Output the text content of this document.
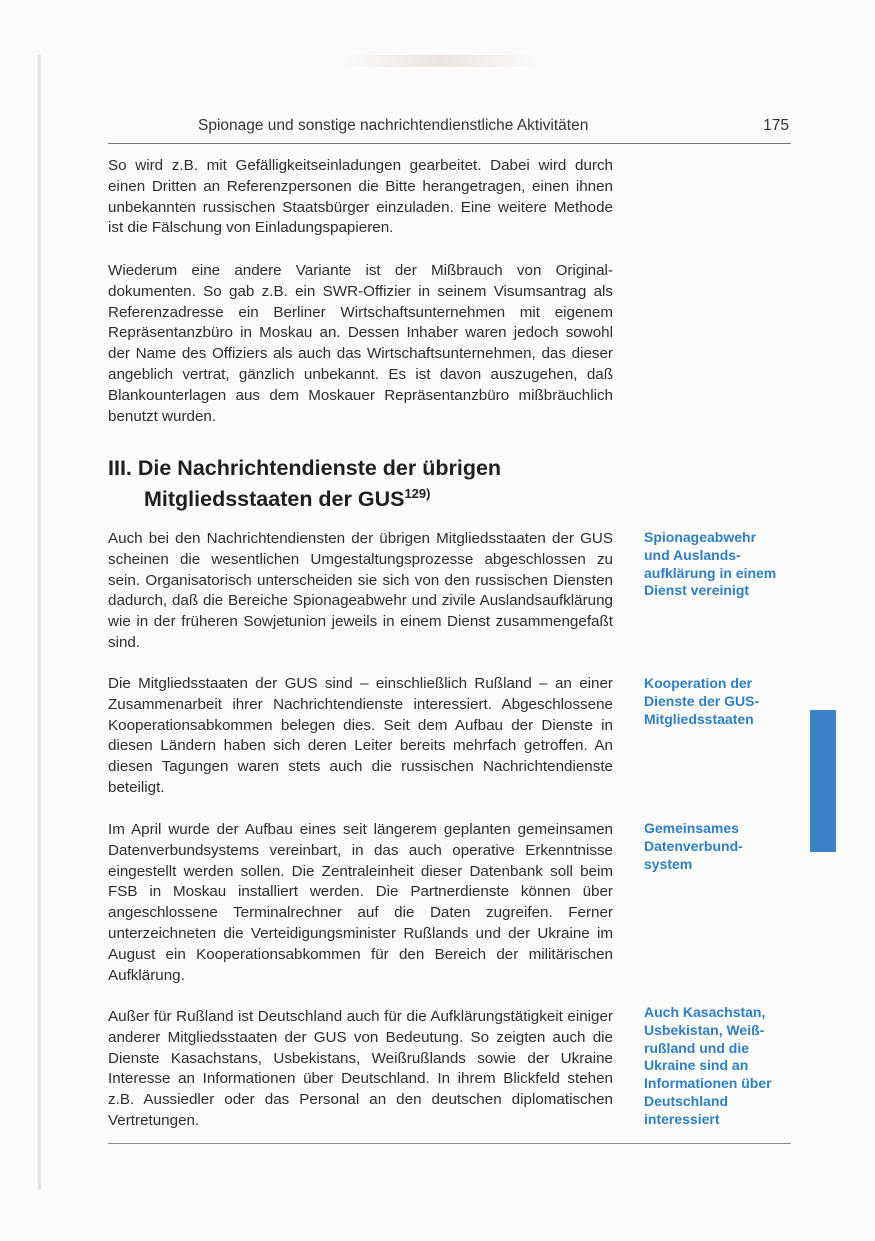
Spionage und sonstige nachrichtendienstliche Aktivitäten	175

So wird z.B. mit Gefälligkeitseinladungen gearbeitet. Dabei wird durch einen Dritten an Referenzpersonen die Bitte herangetragen, einen ihnen unbekannten russischen Staatsbürger einzuladen. Eine weitere Methode ist die Fälschung von Einladungspapieren.

Wiederum eine andere Variante ist der Mißbrauch von Originaldokumenten. So gab z.B. ein SWR-Offizier in seinem Visumsantrag als Referenzadresse ein Berliner Wirtschaftsunternehmen mit eigenem Repräsentanzbüro in Moskau an. Dessen Inhaber waren jedoch sowohl der Name des Offiziers als auch das Wirtschaftsunternehmen, das dieser angeblich vertrat, gänzlich unbekannt. Es ist davon auszugehen, daß Blankounterlagen aus dem Moskauer Repräsentanzbüro mißbräuchlich benutzt wurden.

III. Die Nachrichtendienste der übrigen
Mitgliedsstaaten der GUS$^{129)}$

Auch bei den Nachrichtendiensten der übrigen Mitgliedsstaaten der GUS scheinen die wesentlichen Umgestaltungsprozesse abgeschlossen zu sein. Organisatorisch unterscheiden sie sich von den russischen Diensten dadurch, daß die Bereiche Spionageabwehr und zivile Auslandsaufklärung wie in der früheren Sowjetunion jeweils in einem Dienst zusammengefaßt sind.

Die Mitgliedsstaaten der GUS sind – einschließlich Rußland – an einer Zusammenarbeit ihrer Nachrichtendienste interessiert. Abgeschlossene Kooperationsabkommen belegen dies. Seit dem Aufbau der Dienste in diesen Ländern haben sich deren Leiter bereits mehrfach getroffen. An diesen Tagungen waren stets auch die russischen Nachrichtendienste beteiligt.

Im April wurde der Aufbau eines seit längerem geplanten gemeinsamen Datenverbundsystems vereinbart, in das auch operative Erkenntnisse eingestellt werden sollen. Die Zentraleinheit dieser Datenbank soll beim FSB in Moskau installiert werden. Die Partnerdienste können über angeschlossene Terminalrechner auf die Daten zugreifen. Ferner unterzeichneten die Verteidigungsminister Rußlands und der Ukraine im August ein Kooperationsabkommen für den Bereich der militärischen Aufklärung.

Außer für Rußland ist Deutschland auch für die Aufklärungstätigkeit einiger anderer Mitgliedsstaaten der GUS von Bedeutung. So zeigten auch die Dienste Kasachstans, Usbekistans, Weißrußlands sowie der Ukraine Interesse an Informationen über Deutschland. In ihrem Blickfeld stehen z.B. Aussiedler oder das Personal an den deutschen diplomatischen Vertretungen.

Spionageabwehr und Auslandsaufklärung in einem Dienst vereinigt

Kooperation der Dienste der GUS-Mitgliedsstaaten

Gemeinsames Datenverbundsystem

Auch Kasachstan, Usbekistan, Weißrußland und die Ukraine sind an Informationen über Deutschland interessiert
